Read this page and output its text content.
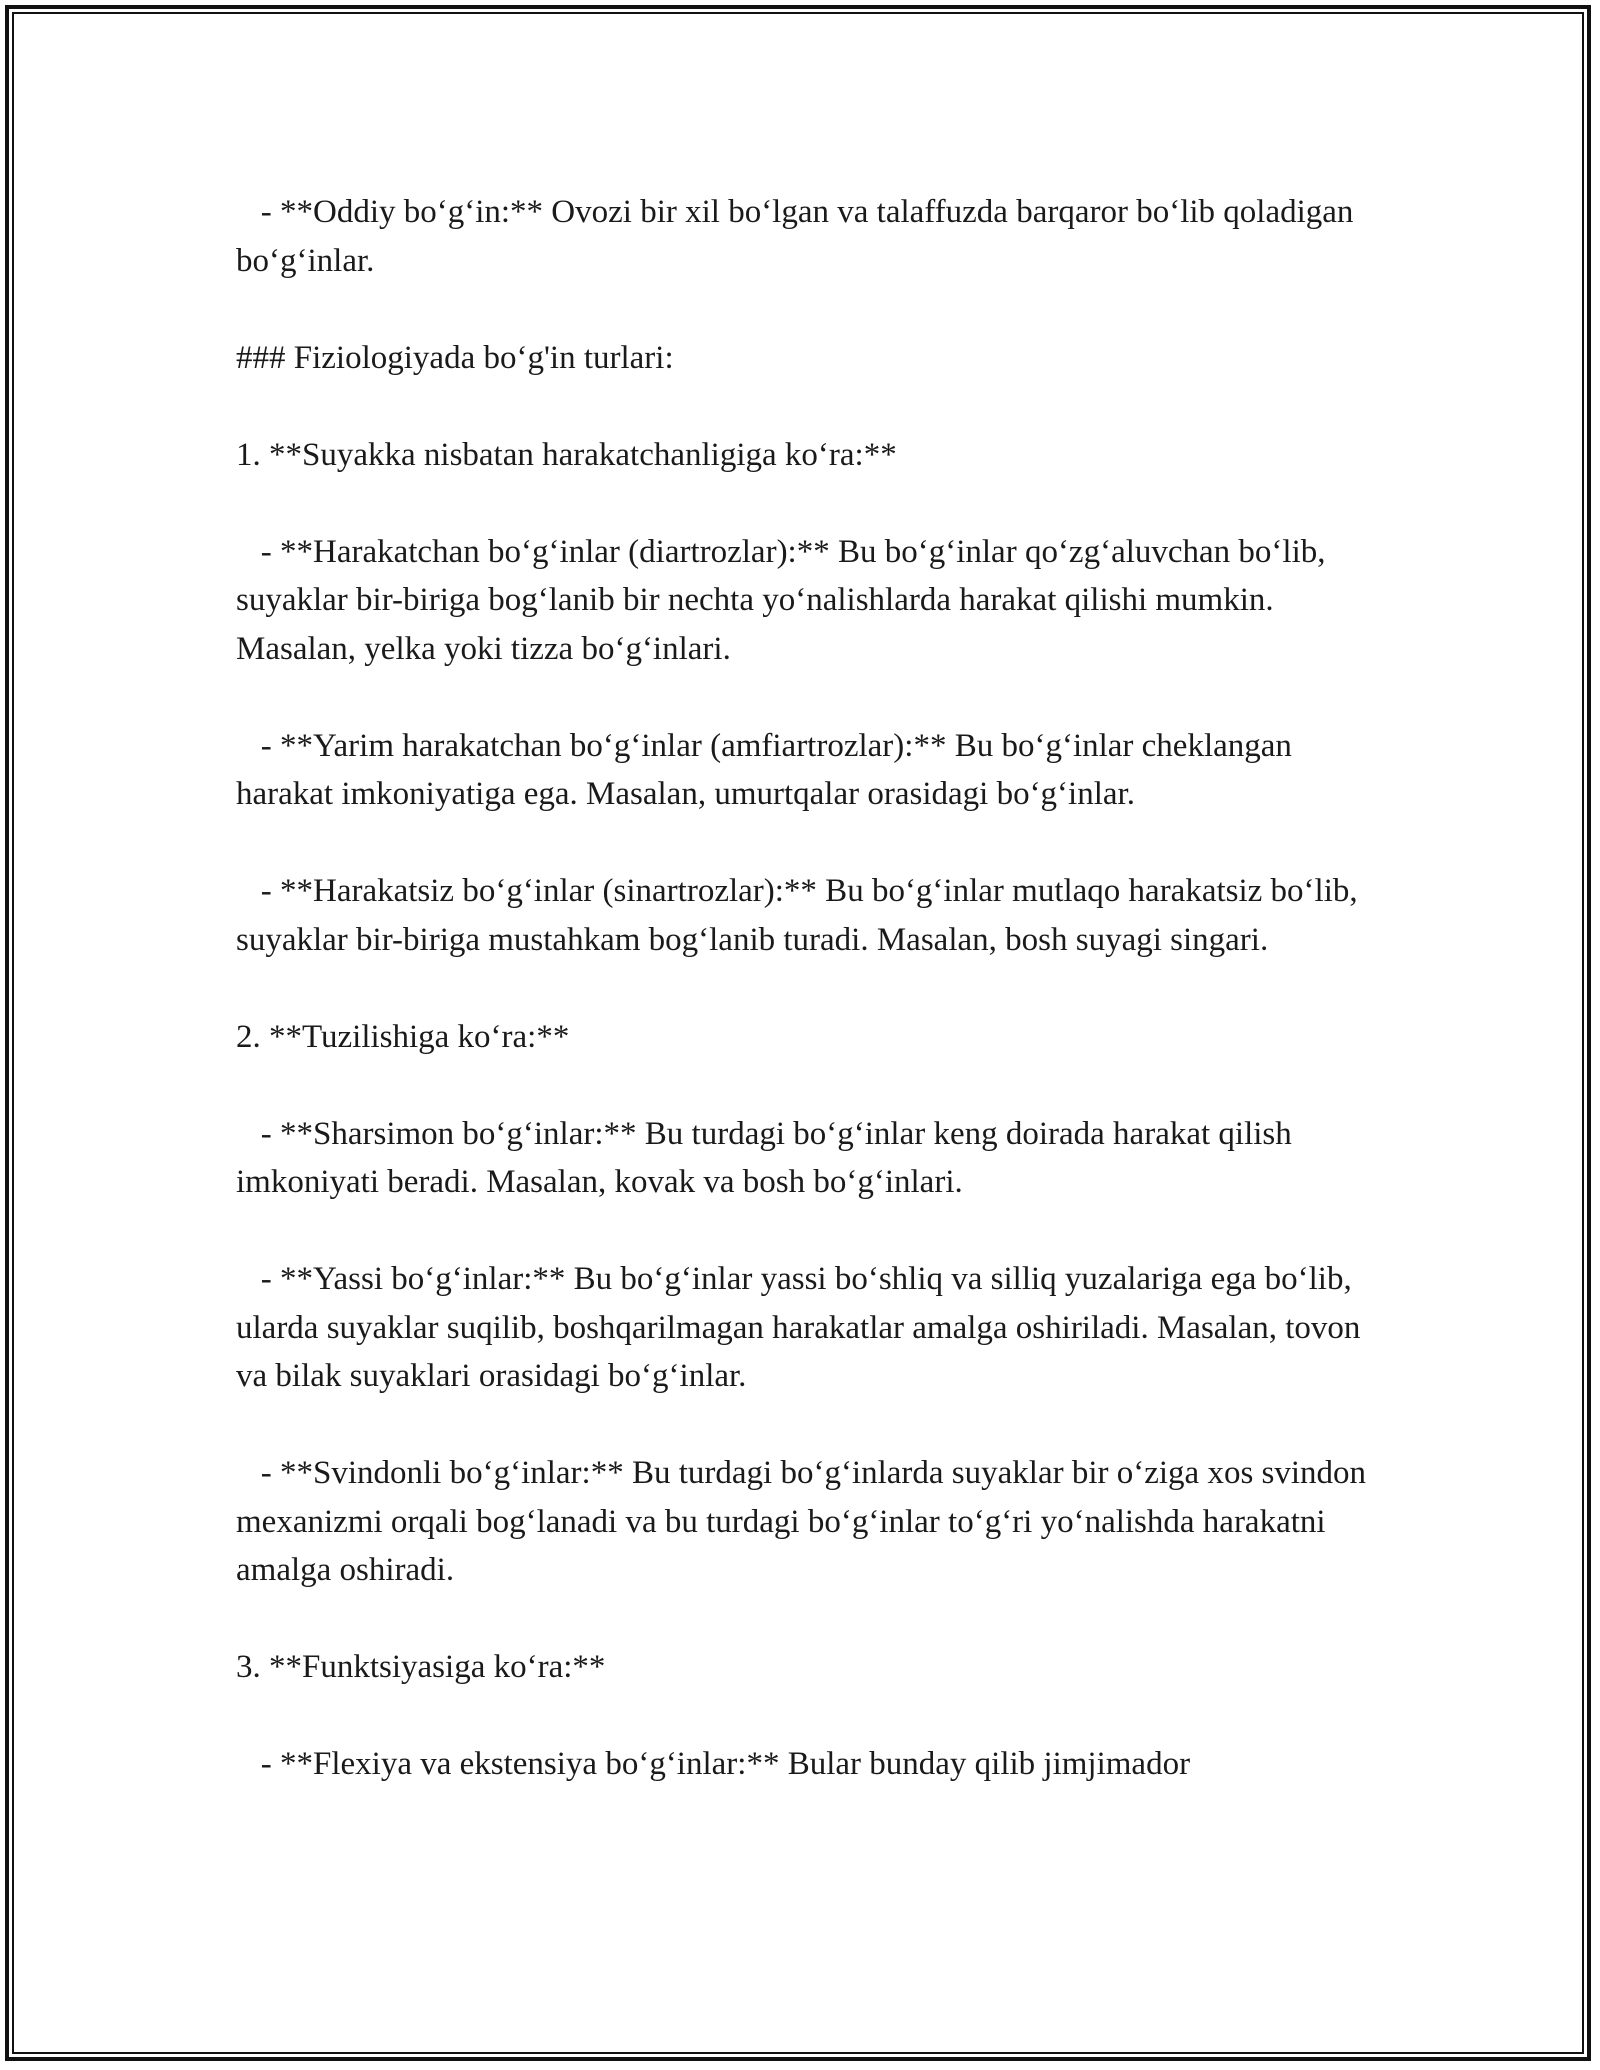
- **Oddiy bo‘g‘in:** Ovozi bir xil bo‘lgan va talaffuzda barqaror bo‘lib qoladigan bo‘g‘inlar.

### Fiziologiyada bo‘g'in turlari:

1. **Suyakka nisbatan harakatchanligiga ko‘ra:**

- **Harakatchan bo‘g‘inlar (diartrozlar):** Bu bo‘g‘inlar qo‘zg‘aluvchan bo‘lib, suyaklar bir-biriga bog‘lanib bir nechta yo‘nalishlarda harakat qilishi mumkin. Masalan, yelka yoki tizza bo‘g‘inlari.

- **Yarim harakatchan bo‘g‘inlar (amfiartrozlar):** Bu bo‘g‘inlar cheklangan harakat imkoniyatiga ega. Masalan, umurtqalar orasidagi bo‘g‘inlar.

- **Harakatsiz bo‘g‘inlar (sinartrozlar):** Bu bo‘g‘inlar mutlaqo harakatsiz bo‘lib, suyaklar bir-biriga mustahkam bog‘lanib turadi. Masalan, bosh suyagi singari.

2. **Tuzilishiga ko‘ra:**

- **Sharsimon bo‘g‘inlar:** Bu turdagi bo‘g‘inlar keng doirada harakat qilish imkoniyati beradi. Masalan, kovak va bosh bo‘g‘inlari.

- **Yassi bo‘g‘inlar:** Bu bo‘g‘inlar yassi bo‘shliq va silliq yuzalariga ega bo‘lib, ularda suyaklar suqilib, boshqarilmagan harakatlar amalga oshiriladi. Masalan, tovon va bilak suyaklari orasidagi bo‘g‘inlar.

- **Svindonli bo‘g‘inlar:** Bu turdagi bo‘g‘inlarda suyaklar bir o‘ziga xos svindon mexanizmi orqali bog‘lanadi va bu turdagi bo‘g‘inlar to‘g‘ri yo‘nalishda harakatni amalga oshiradi.

3. **Funktsiyasiga ko‘ra:**

- **Flexiya va ekstensiya bo‘g‘inlar:** Bular bunday qilib jimjimador
